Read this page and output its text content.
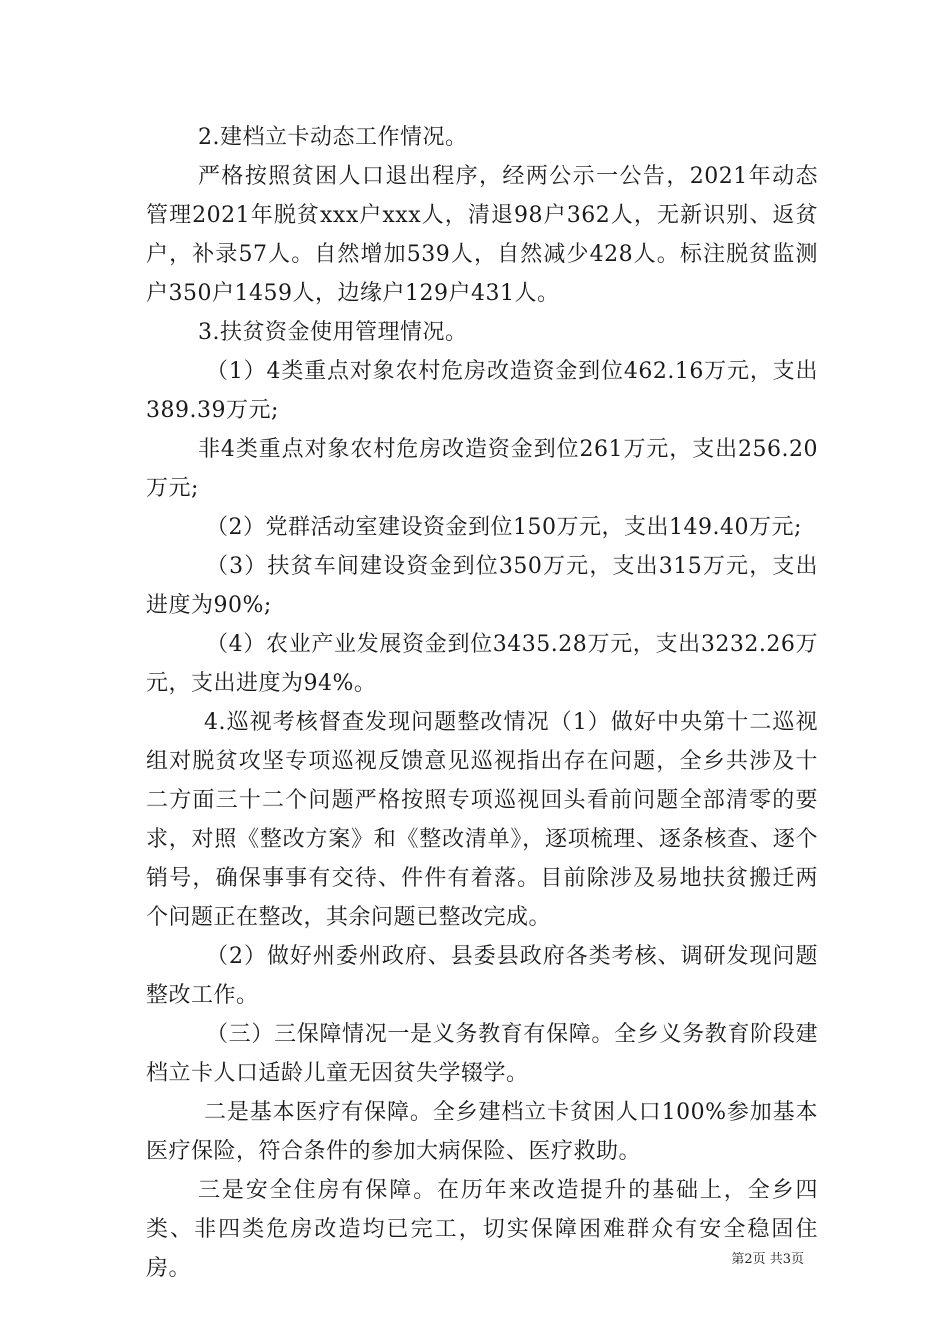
2.建档立卡动态工作情况。

严格按照贫困人口退出程序，经两公示一公告，2021年动态管理2021年脱贫xxx户xxx人，清退98户362人，无新识别、返贫户，补录57人。自然增加539人，自然减少428人。标注脱贫监测户350户1459人，边缘户129户431人。

3.扶贫资金使用管理情况。

（1）4类重点对象农村危房改造资金到位462.16万元，支出389.39万元;

非4类重点对象农村危房改造资金到位261万元，支出256.20万元;

（2）党群活动室建设资金到位150万元，支出149.40万元;

（3）扶贫车间建设资金到位350万元，支出315万元，支出进度为90%;

（4）农业产业发展资金到位3435.28万元，支出3232.26万元，支出进度为94%。

4.巡视考核督查发现问题整改情况（1）做好中央第十二巡视组对脱贫攻坚专项巡视反馈意见巡视指出存在问题，全乡共涉及十二方面三十二个问题严格按照专项巡视回头看前问题全部清零的要求，对照《整改方案》和《整改清单》，逐项梳理、逐条核查、逐个销号，确保事事有交待、件件有着落。目前除涉及易地扶贫搬迁两个问题正在整改，其余问题已整改完成。

（2）做好州委州政府、县委县政府各类考核、调研发现问题整改工作。

（三）三保障情况一是义务教育有保障。全乡义务教育阶段建档立卡人口适龄儿童无因贫失学辍学。

二是基本医疗有保障。全乡建档立卡贫困人口100%参加基本医疗保险，符合条件的参加大病保险、医疗救助。

三是安全住房有保障。在历年来改造提升的基础上，全乡四类、非四类危房改造均已完工，切实保障困难群众有安全稳固住房。	第2页 共3页
